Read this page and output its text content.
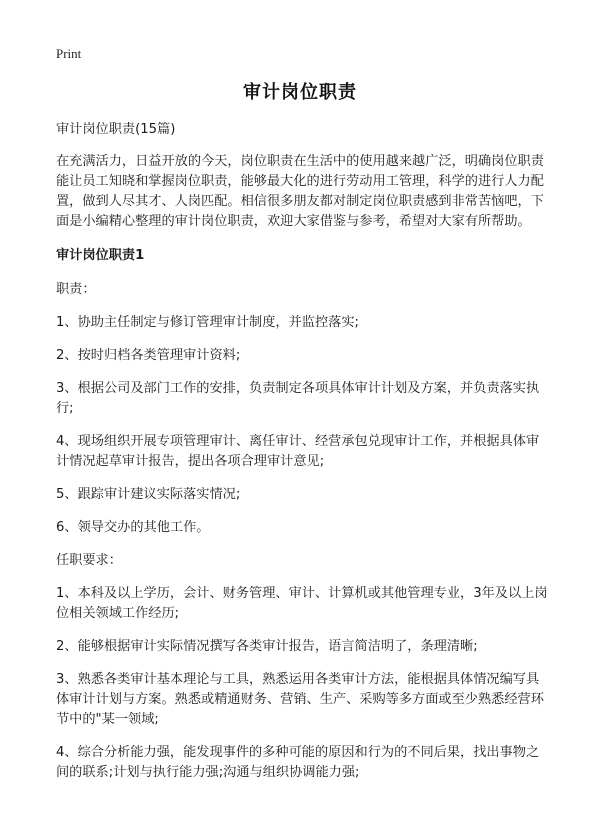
Print
审计岗位职责

审计岗位职责(15篇)

在充满活力，日益开放的今天，岗位职责在生活中的使用越来越广泛，明确岗位职责能让员工知晓和掌握岗位职责，能够最大化的进行劳动用工管理，科学的进行人力配置，做到人尽其才、人岗匹配。相信很多朋友都对制定岗位职责感到非常苦恼吧，下面是小编精心整理的审计岗位职责，欢迎大家借鉴与参考，希望对大家有所帮助。

审计岗位职责1

职责：

1、协助主任制定与修订管理审计制度，并监控落实;

2、按时归档各类管理审计资料;

3、根据公司及部门工作的安排，负责制定各项具体审计计划及方案，并负责落实执行;

4、现场组织开展专项管理审计、离任审计、经营承包兑现审计工作，并根据具体审计情况起草审计报告，提出各项合理审计意见;

5、跟踪审计建议实际落实情况;

6、领导交办的其他工作。

任职要求：

1、本科及以上学历，会计、财务管理、审计、计算机或其他管理专业，3年及以上岗位相关领域工作经历;

2、能够根据审计实际情况撰写各类审计报告，语言简洁明了，条理清晰;

3、熟悉各类审计基本理论与工具，熟悉运用各类审计方法，能根据具体情况编写具体审计计划与方案。熟悉或精通财务、营销、生产、采购等多方面或至少熟悉经营环节中的"某一领域;

4、综合分析能力强，能发现事件的多种可能的原因和行为的不同后果，找出事物之间的联系;计划与执行能力强;沟通与组织协调能力强;
